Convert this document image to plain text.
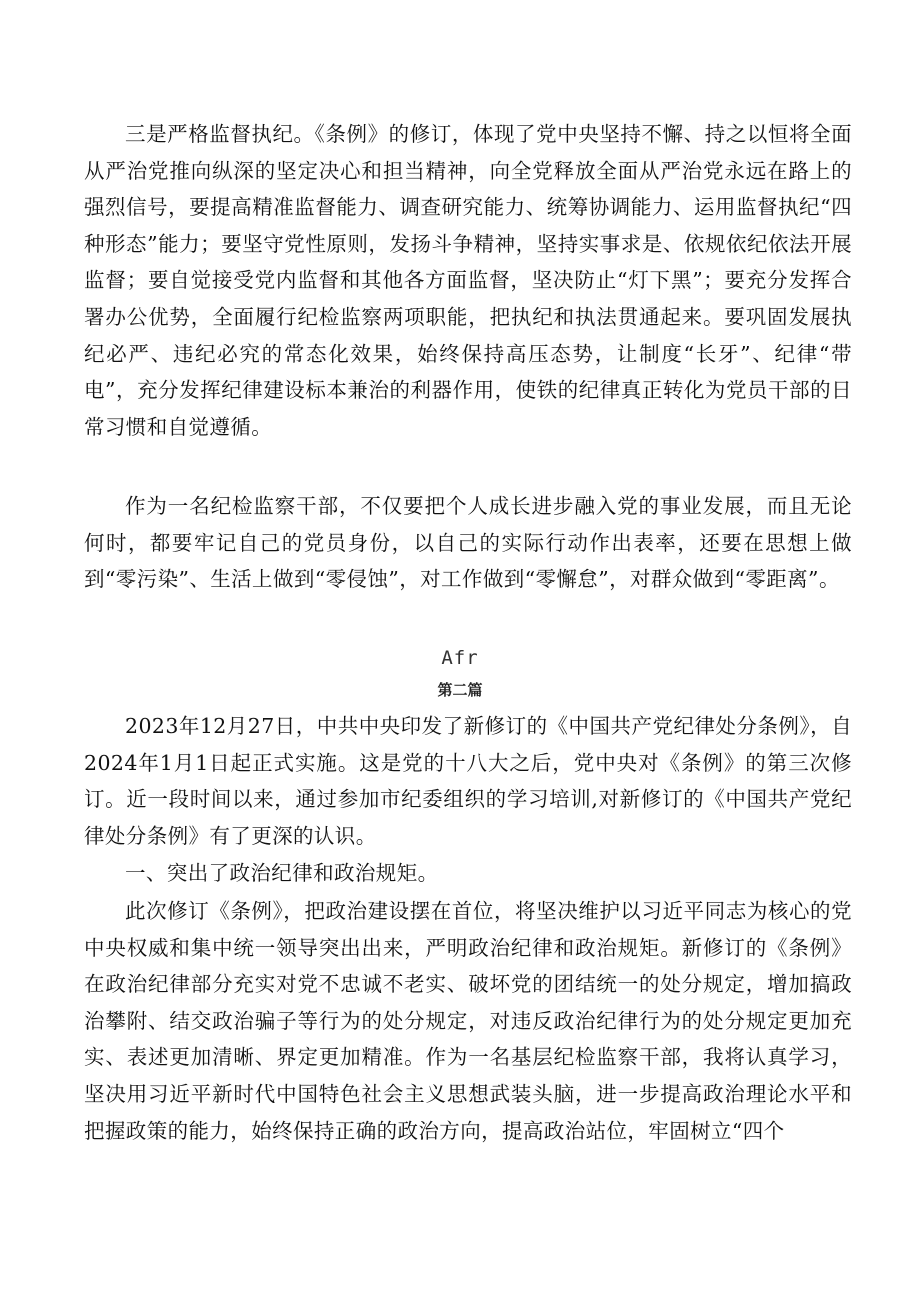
三是严格监督执纪。《条例》的修订，体现了党中央坚持不懈、持之以恒将全面从严治党推向纵深的坚定决心和担当精神，向全党释放全面从严治党永远在路上的强烈信号，要提高精准监督能力、调查研究能力、统筹协调能力、运用监督执纪“四种形态”能力；要坚守党性原则，发扬斗争精神，坚持实事求是、依规依纪依法开展监督；要自觉接受党内监督和其他各方面监督，坚决防止“灯下黑”；要充分发挥合署办公优势，全面履行纪检监察两项职能，把执纪和执法贯通起来。要巩固发展执纪必严、违纪必究的常态化效果，始终保持高压态势，让制度“长牙”、纪律“带电”，充分发挥纪律建设标本兼治的利器作用，使铁的纪律真正转化为党员干部的日常习惯和自觉遵循。

作为一名纪检监察干部，不仅要把个人成长进步融入党的事业发展，而且无论何时，都要牢记自己的党员身份，以自己的实际行动作出表率，还要在思想上做到“零污染”、生活上做到“零侵蚀”，对工作做到“零懈怠”，对群众做到“零距离”。

Afr

第二篇

2023年12月27日，中共中央印发了新修订的《中国共产党纪律处分条例》，自2024年1月1日起正式实施。这是党的十八大之后，党中央对《条例》的第三次修订。近一段时间以来，通过参加市纪委组织的学习培训,对新修订的《中国共产党纪律处分条例》有了更深的认识。

一、突出了政治纪律和政治规矩。

此次修订《条例》，把政治建设摆在首位，将坚决维护以习近平同志为核心的党中央权威和集中统一领导突出出来，严明政治纪律和政治规矩。新修订的《条例》在政治纪律部分充实对党不忠诚不老实、破坏党的团结统一的处分规定，增加搞政治攀附、结交政治骗子等行为的处分规定，对违反政治纪律行为的处分规定更加充实、表述更加清晰、界定更加精准。作为一名基层纪检监察干部，我将认真学习，坚决用习近平新时代中国特色社会主义思想武装头脑，进一步提高政治理论水平和把握政策的能力，始终保持正确的政治方向，提高政治站位，牢固树立“四个
